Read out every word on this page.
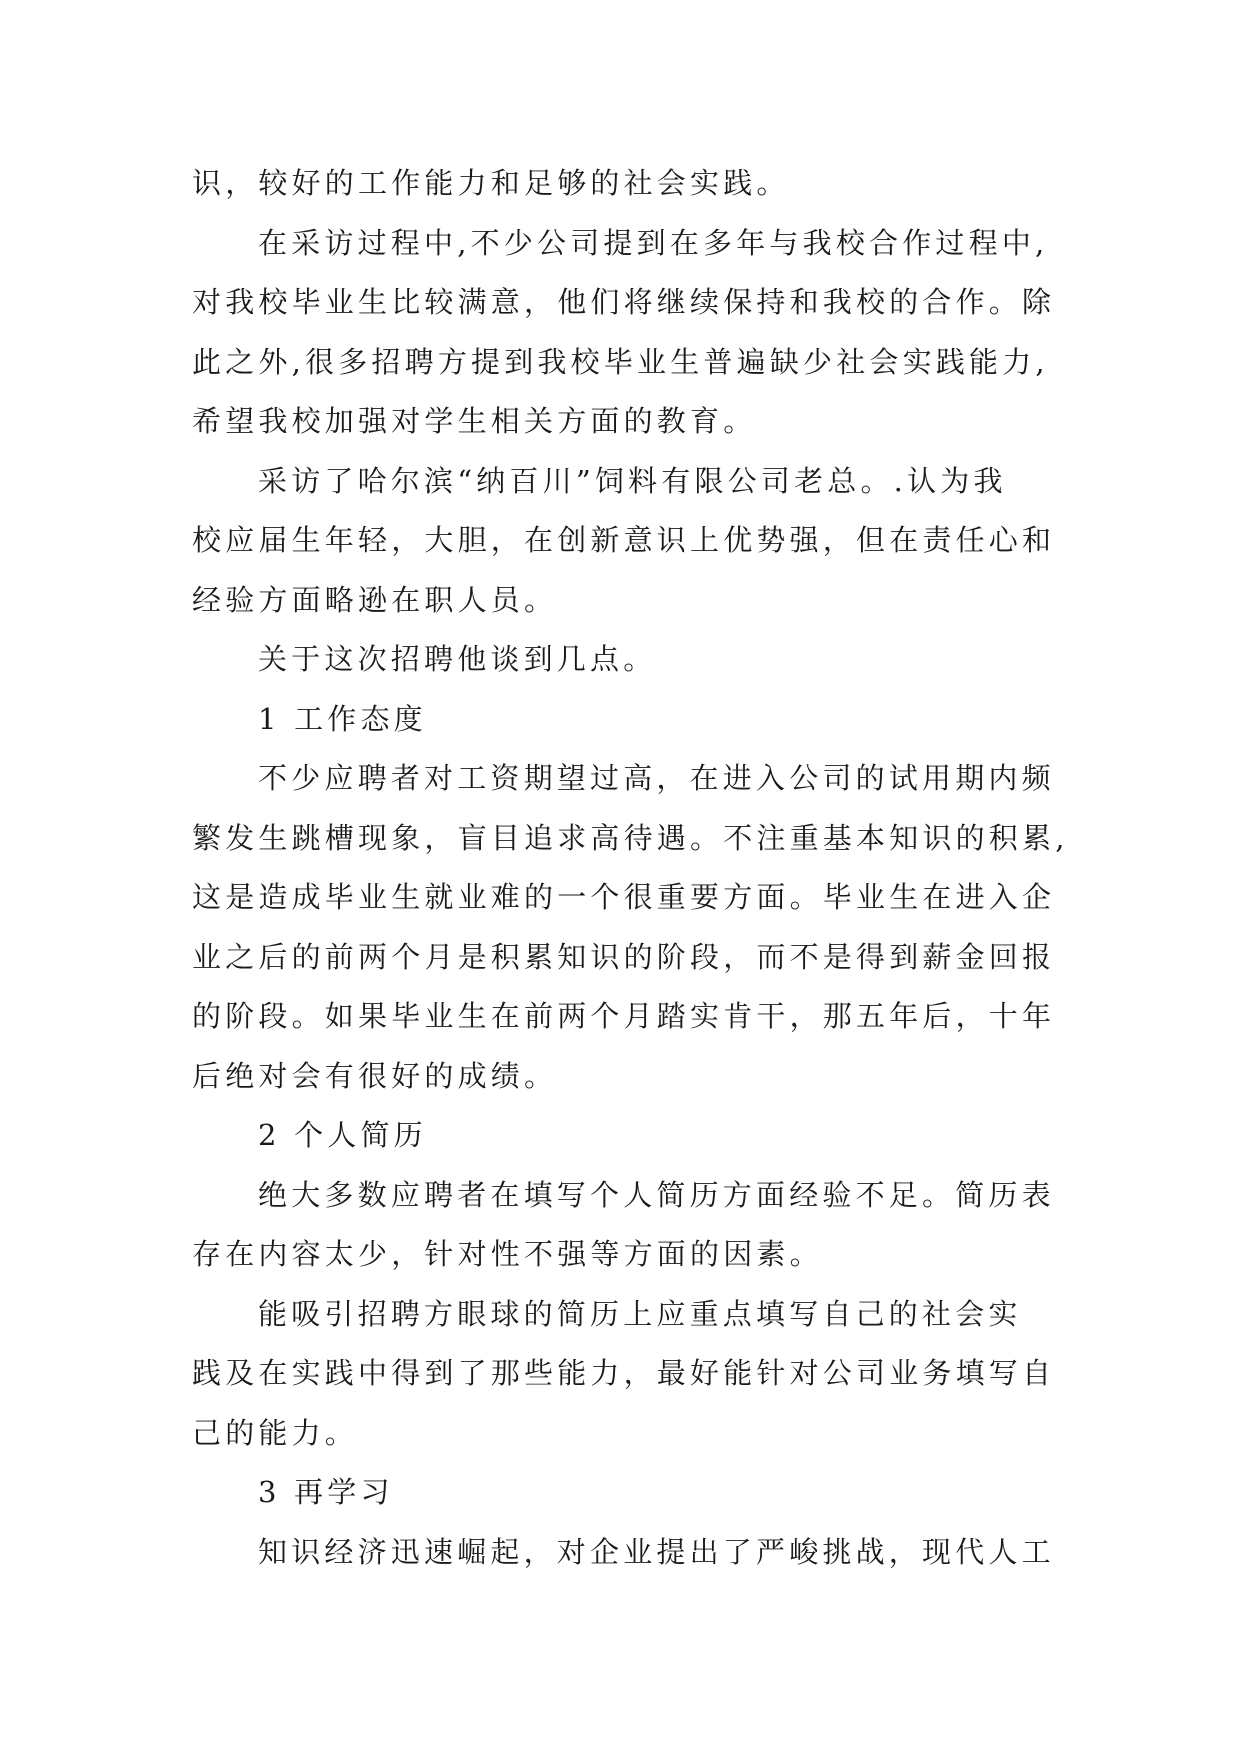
识，较好的工作能力和足够的社会实践。
在采访过程中,不少公司提到在多年与我校合作过程中,
对我校毕业生比较满意，他们将继续保持和我校的合作。除
此之外,很多招聘方提到我校毕业生普遍缺少社会实践能力,
希望我校加强对学生相关方面的教育。
采访了哈尔滨“纳百川”饲料有限公司老总。.认为我
校应届生年轻，大胆，在创新意识上优势强，但在责任心和
经验方面略逊在职人员。
关于这次招聘他谈到几点。
1 工作态度
不少应聘者对工资期望过高，在进入公司的试用期内频
繁发生跳槽现象，盲目追求高待遇。不注重基本知识的积累,
这是造成毕业生就业难的一个很重要方面。毕业生在进入企
业之后的前两个月是积累知识的阶段，而不是得到薪金回报
的阶段。如果毕业生在前两个月踏实肯干，那五年后，十年
后绝对会有很好的成绩。
2 个人简历
绝大多数应聘者在填写个人简历方面经验不足。简历表
存在内容太少，针对性不强等方面的因素。
能吸引招聘方眼球的简历上应重点填写自己的社会实
践及在实践中得到了那些能力，最好能针对公司业务填写自
己的能力。
3 再学习
知识经济迅速崛起，对企业提出了严峻挑战，现代人工
